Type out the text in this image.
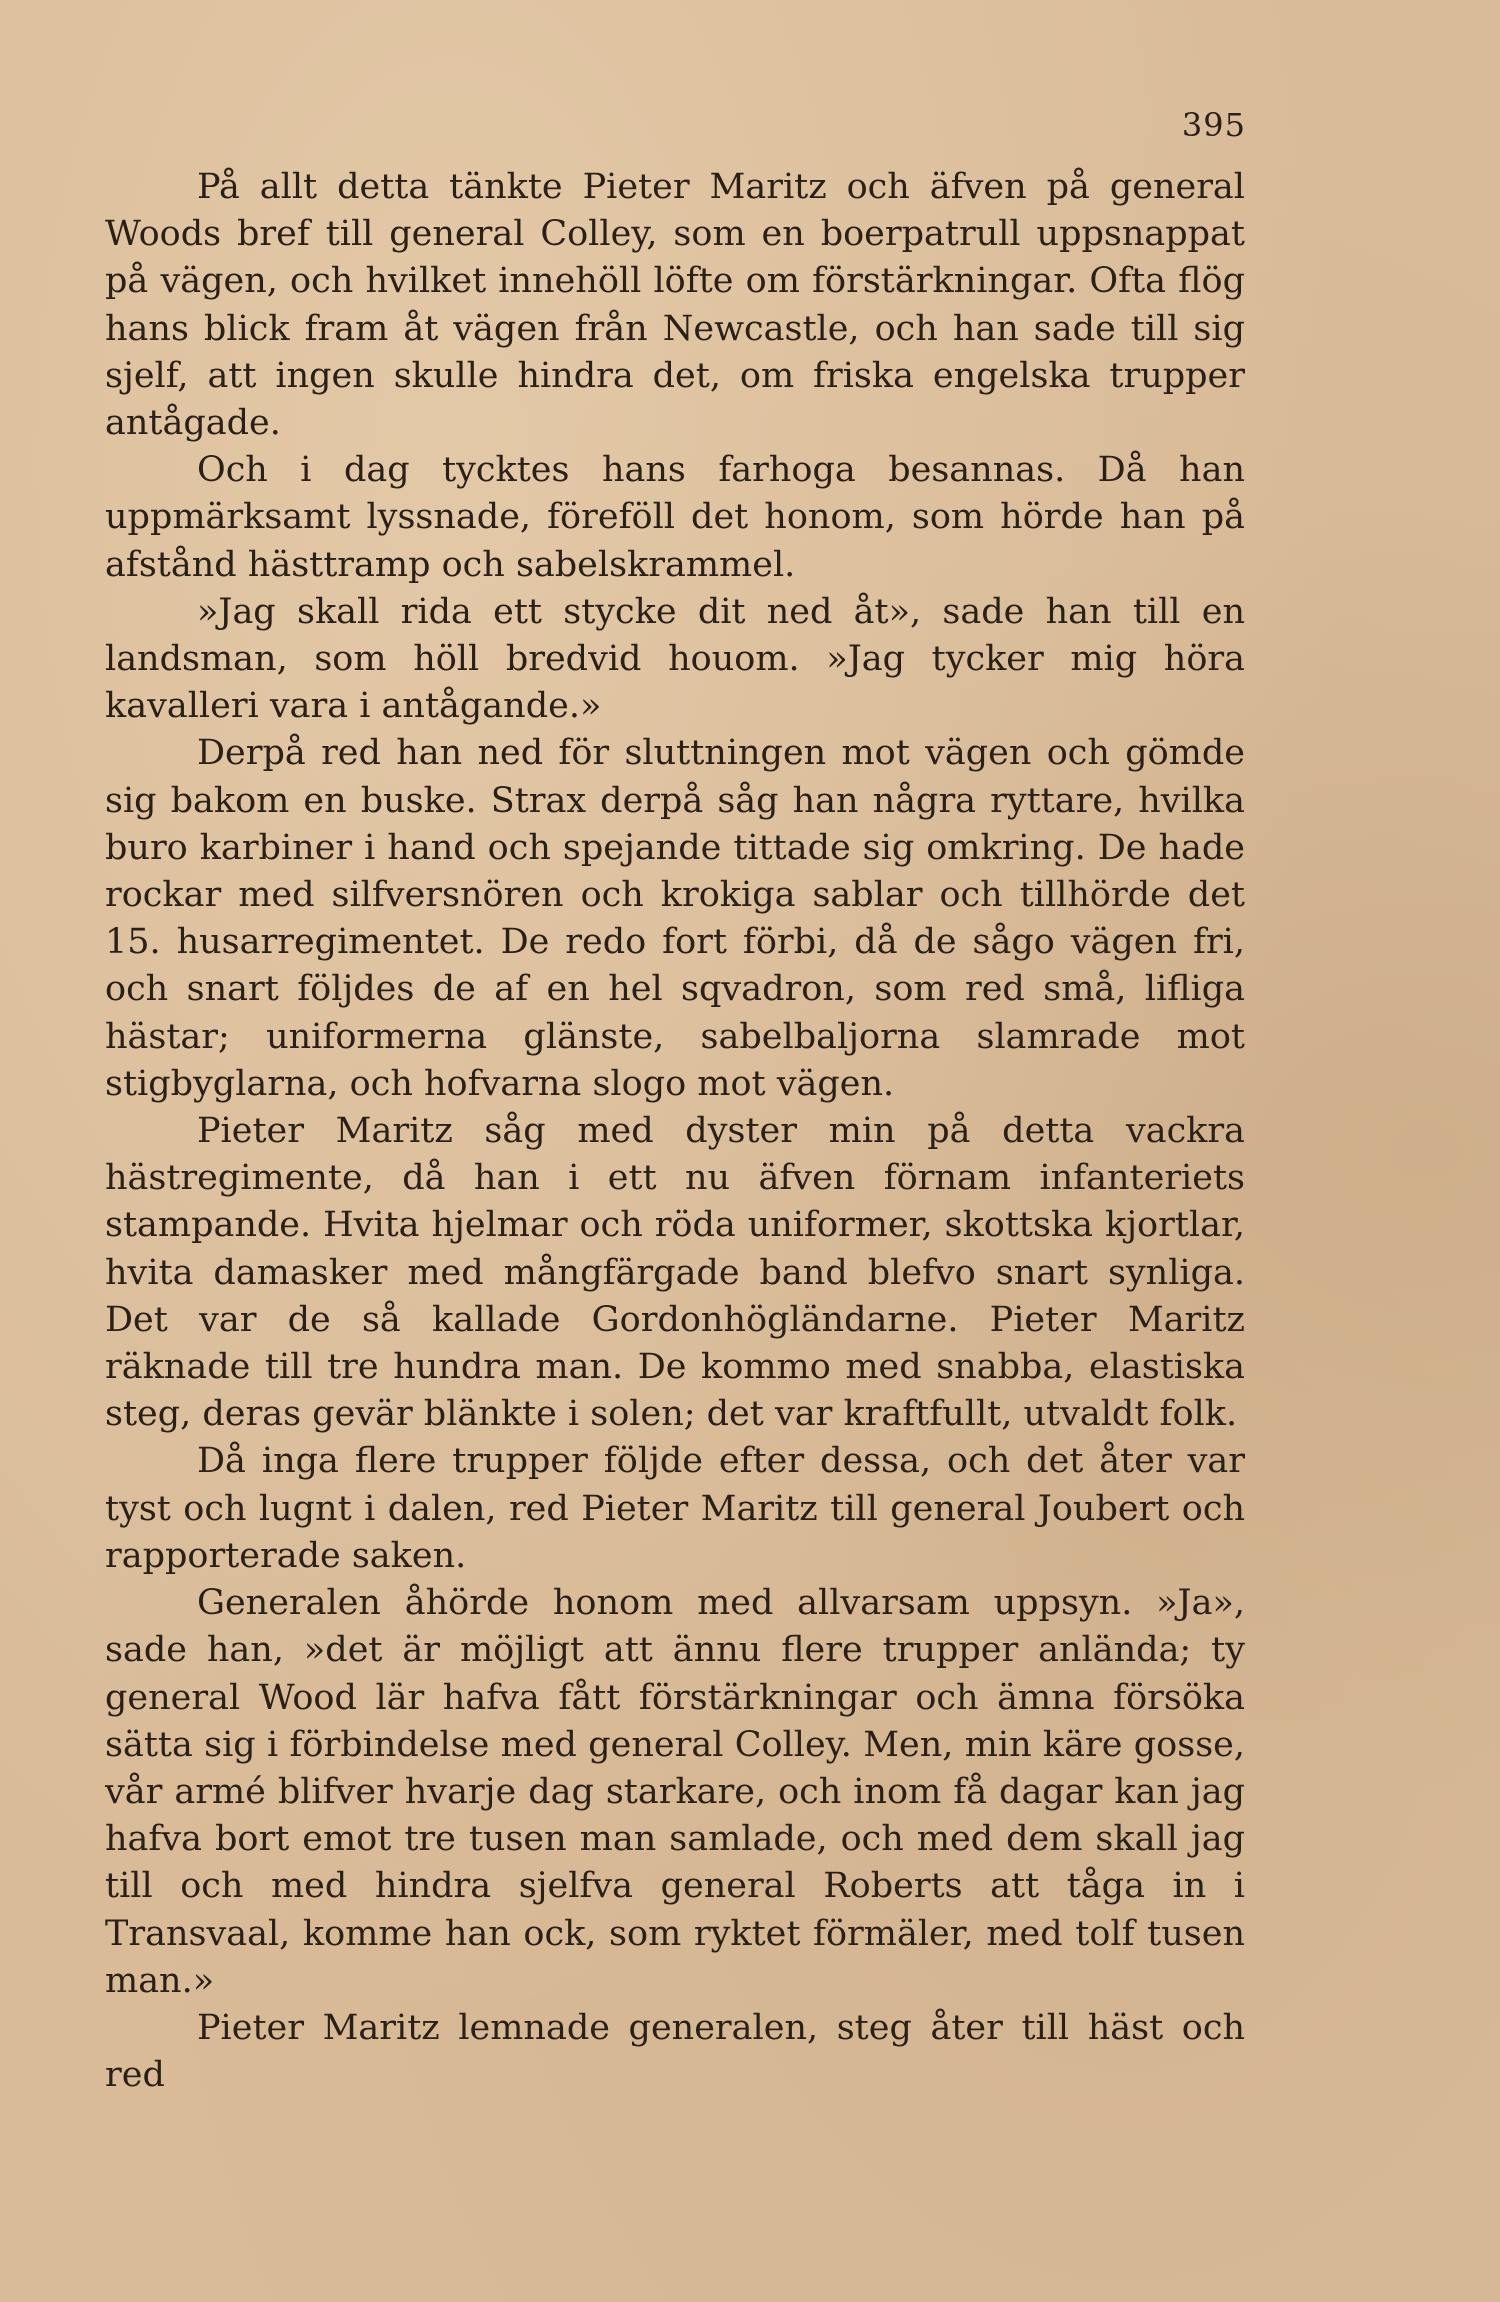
395

På allt detta tänkte Pieter Maritz och äfven på general Woods bref till general Colley, som en boerpatrull uppsnappat på vägen, och hvilket innehöll löfte om förstärkningar. Ofta flög hans blick fram åt vägen från Newcastle, och han sade till sig sjelf, att ingen skulle hindra det, om friska engelska trupper antågade.

Och i dag tycktes hans farhoga besannas. Då han uppmärksamt lyssnade, föreföll det honom, som hörde han på afstånd hästtramp och sabelskrammel.

»Jag skall rida ett stycke dit ned åt», sade han till en landsman, som höll bredvid houom. »Jag tycker mig höra kavalleri vara i antågande.»

Derpå red han ned för sluttningen mot vägen och gömde sig bakom en buske. Strax derpå såg han några ryttare, hvilka buro karbiner i hand och spejande tittade sig omkring. De hade rockar med silfversnören och krokiga sablar och tillhörde det 15. husarregimentet. De redo fort förbi, då de sågo vägen fri, och snart följdes de af en hel sqvadron, som red små, lifliga hästar; uniformerna glänste, sabelbaljorna slamrade mot stigbyglarna, och hofvarna slogo mot vägen.

Pieter Maritz såg med dyster min på detta vackra hästregimente, då han i ett nu äfven förnam infanteriets stampande. Hvita hjelmar och röda uniformer, skottska kjortlar, hvita damasker med mångfärgade band blefvo snart synliga. Det var de så kallade Gordonhögländarne. Pieter Maritz räknade till tre hundra man. De kommo med snabba, elastiska steg, deras gevär blänkte i solen; det var kraftfullt, utvaldt folk.

Då inga flere trupper följde efter dessa, och det åter var tyst och lugnt i dalen, red Pieter Maritz till general Joubert och rapporterade saken.

Generalen åhörde honom med allvarsam uppsyn. »Ja», sade han, »det är möjligt att ännu flere trupper anlända; ty general Wood lär hafva fått förstärkningar och ämna försöka sätta sig i förbindelse med general Colley. Men, min käre gosse, vår armé blifver hvarje dag starkare, och inom få dagar kan jag hafva bort emot tre tusen man samlade, och med dem skall jag till och med hindra sjelfva general Roberts att tåga in i Transvaal, komme han ock, som ryktet förmäler, med tolf tusen man.»

Pieter Maritz lemnade generalen, steg åter till häst och red
